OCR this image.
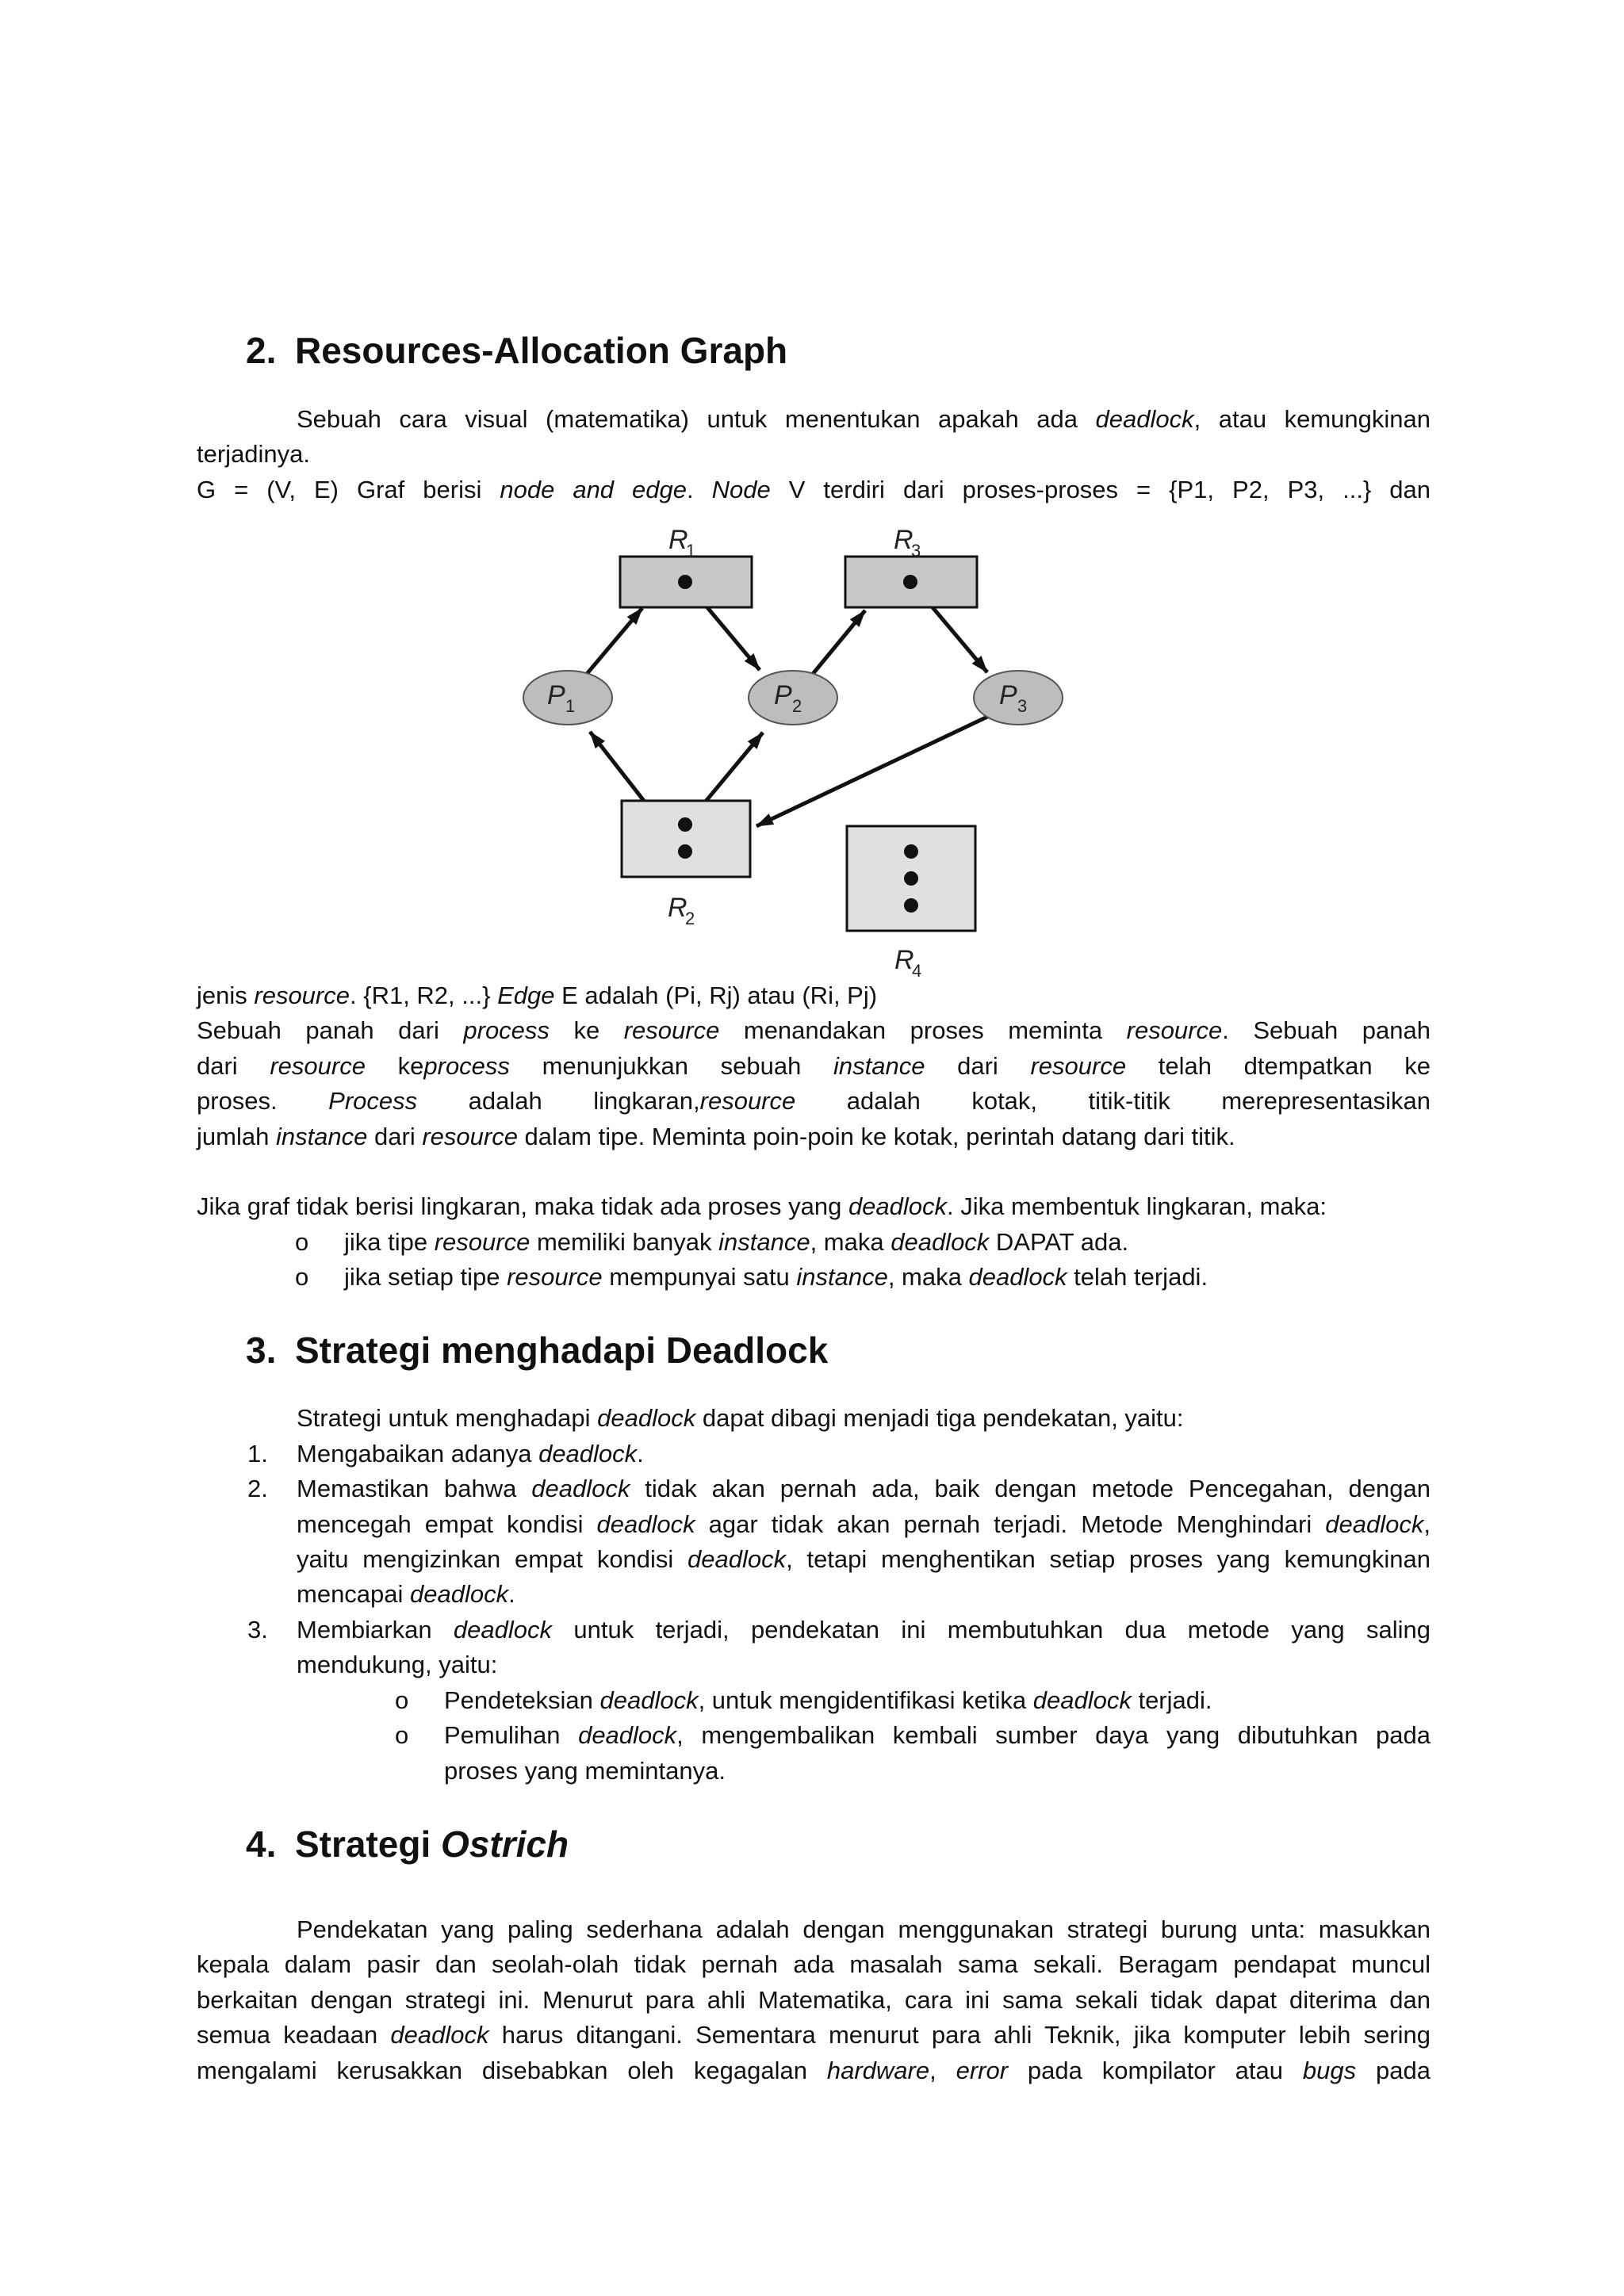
2. Resources-Allocation Graph
Sebuah cara visual (matematika) untuk menentukan apakah ada deadlock, atau kemungkinan
terjadinya.
G = (V, E) Graf berisi node and edge. Node V terdiri dari proses-proses = {P1, P2, P3, ...} dan
R
1	R
3
R
2
R
4
P 1	P 2	P 3
jenis resource. {R1, R2, ...} Edge E adalah (Pi, Rj) atau (Ri, Pj)
Sebuah panah dari process ke resource menandakan proses meminta resource. Sebuah panah
dari resource keprocess menunjukkan sebuah instance dari resource telah dtempatkan ke
proses. Process adalah lingkaran,resource adalah kotak, titik-titik merepresentasikan
jumlah instance dari resource dalam tipe. Meminta poin-poin ke kotak, perintah datang dari titik.
Jika graf tidak berisi lingkaran, maka tidak ada proses yang deadlock. Jika membentuk lingkaran, maka:
o jika tipe resource memiliki banyak instance, maka deadlock DAPAT ada.
o jika setiap tipe resource mempunyai satu instance, maka deadlock telah terjadi.
3. Strategi menghadapi Deadlock
Strategi untuk menghadapi deadlock dapat dibagi menjadi tiga pendekatan, yaitu:
1. Mengabaikan adanya deadlock.
2. Memastikan bahwa deadlock tidak akan pernah ada, baik dengan metode Pencegahan, dengan
mencegah empat kondisi deadlock agar tidak akan pernah terjadi. Metode Menghindari deadlock,
yaitu mengizinkan empat kondisi deadlock, tetapi menghentikan setiap proses yang kemungkinan
mencapai deadlock.
3. Membiarkan deadlock untuk terjadi, pendekatan ini membutuhkan dua metode yang saling
mendukung, yaitu:
o Pendeteksian deadlock, untuk mengidentifikasi ketika deadlock terjadi.
o Pemulihan deadlock, mengembalikan kembali sumber daya yang dibutuhkan pada
proses yang memintanya.
4. Strategi Ostrich
Pendekatan yang paling sederhana adalah dengan menggunakan strategi burung unta: masukkan
kepala dalam pasir dan seolah-olah tidak pernah ada masalah sama sekali. Beragam pendapat muncul
berkaitan dengan strategi ini. Menurut para ahli Matematika, cara ini sama sekali tidak dapat diterima dan
semua keadaan deadlock harus ditangani. Sementara menurut para ahli Teknik, jika komputer lebih sering
mengalami kerusakkan disebabkan oleh kegagalan hardware, error pada kompilator atau bugs pada
